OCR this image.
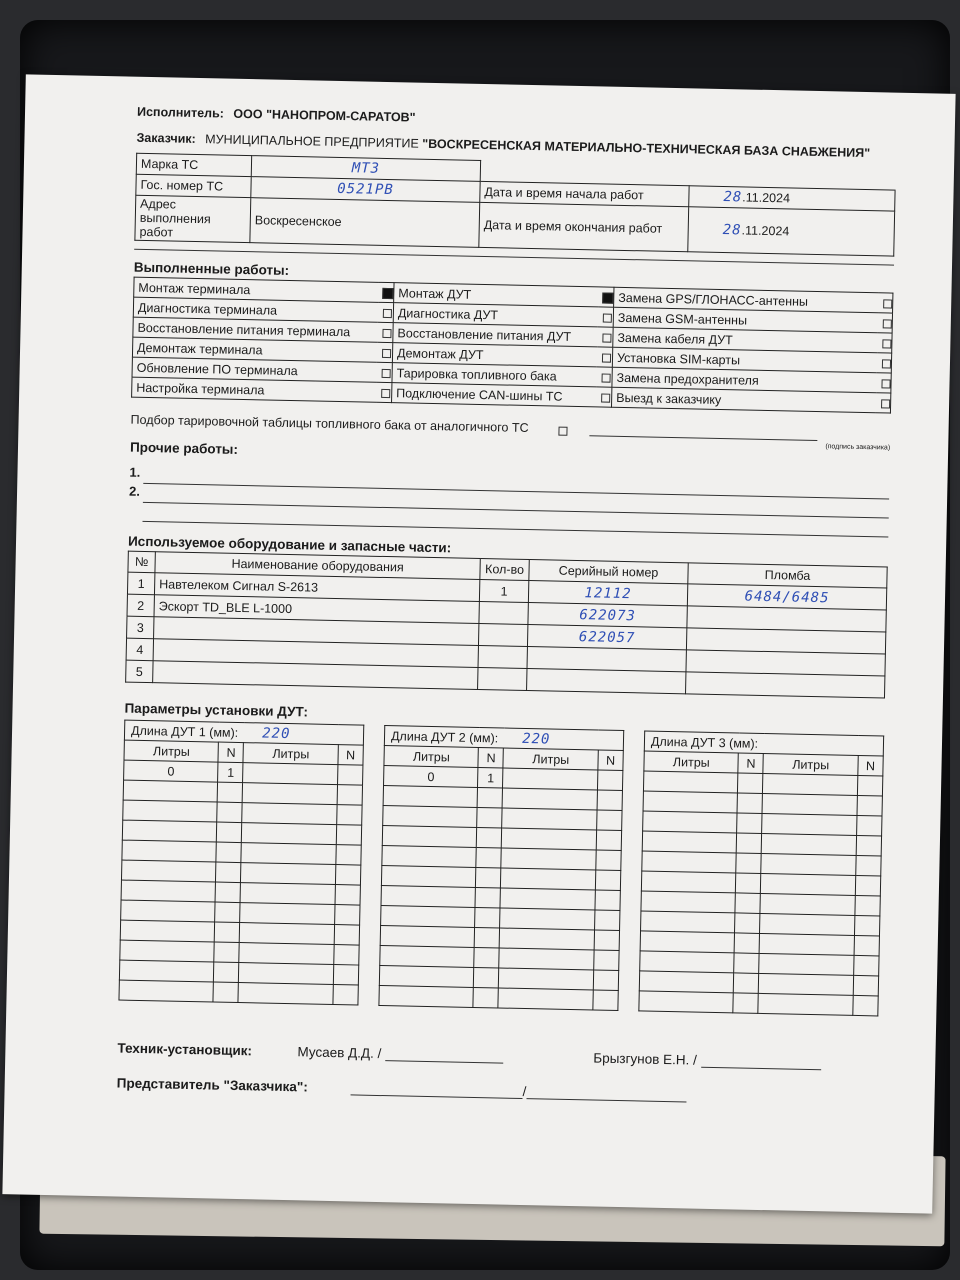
Исполнитель: ООО "НАНОПРОМ-САРАТОВ"

Заказчик: МУНИЦИПАЛЬНОЕ ПРЕДПРИЯТИЕ "ВОСКРЕСЕНСКАЯ МАТЕРИАЛЬНО-ТЕХНИЧЕСКАЯ БАЗА СНАБЖЕНИЯ"

Марка ТС	МТЗ		
Гос. номер ТС	0521РВ	Дата и время начала работ	28.11.2024
Адрес выполнения работ	Воскресенское	Дата и время окончания работ	28.11.2024
Выполненные работы:
Монтаж терминала		Монтаж ДУТ		Замена GPS/ГЛОНАСС-антенны	
Диагностика терминала		Диагностика ДУТ		Замена GSM-антенны	
Восстановление питания терминала		Восстановление питания ДУТ		Замена кабеля ДУТ	
Демонтаж терминала		Демонтаж ДУТ		Установка SIM-карты	
Обновление ПО терминала		Тарировка топливного бака		Замена предохранителя	
Настройка терминала		Подключение CAN-шины ТС		Выезд к заказчику	
Подбор тарировочной таблицы топливного бака от аналогичного ТС
(подпись заказчика)
Прочие работы:
1.
2.
Используемое оборудование и запасные части:
№	Наименование оборудования	Кол-во	Серийный номер	Пломба
1	Навтелеком Сигнал S-2613	1	12112	6484/6485
2	Эскорт TD_BLE L-1000		622073	
3			622057	
4				
5				
Параметры установки ДУТ:
Длина ДУТ 1 (мм): 220			
Литры	N	Литры	N
0	1		

Длина ДУТ 2 (мм): 220			
Литры	N	Литры	N
0	1		

Длина ДУТ 3 (мм):			
Литры	N	Литры	N

Техник-установщик:	Мусаев Д.Д. /	Брызгунов Е.Н. /
Представитель "Заказчика":	/
